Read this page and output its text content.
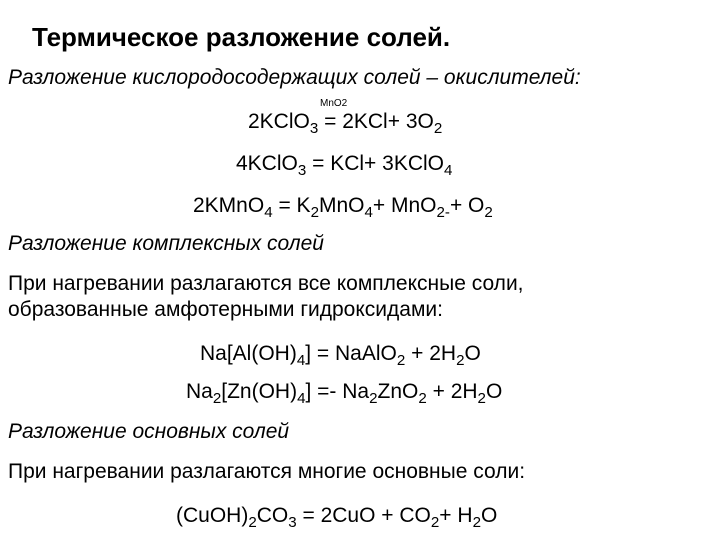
Термическое разложение солей.
Разложение кислородосодержащих солей – окислителей:
MnO2
2KClO$_3$ = $2KCl+ 3O_2$
4KClO$_3$ = KCl+ 3KClO$_4$
2KMnO$_4$ = $K_2MnO_4+ MnO_{2-}+ O_2$
Разложение комплексных солей
При нагревании разлагаются все комплексные соли,
образованные амфотерными гидроксидами:
$Na[Al(OH)_4]$ = NaAlO$_2$ + $2H_2O$
$Na_2[Zn(OH)_4] =- Na_2ZnO_2 + 2H_2O$
Разложение основных солей
При нагревании разлагаются многие основные соли:
$(CuOH)_2CO_3 = 2CuO + CO_2+ H_2O$
